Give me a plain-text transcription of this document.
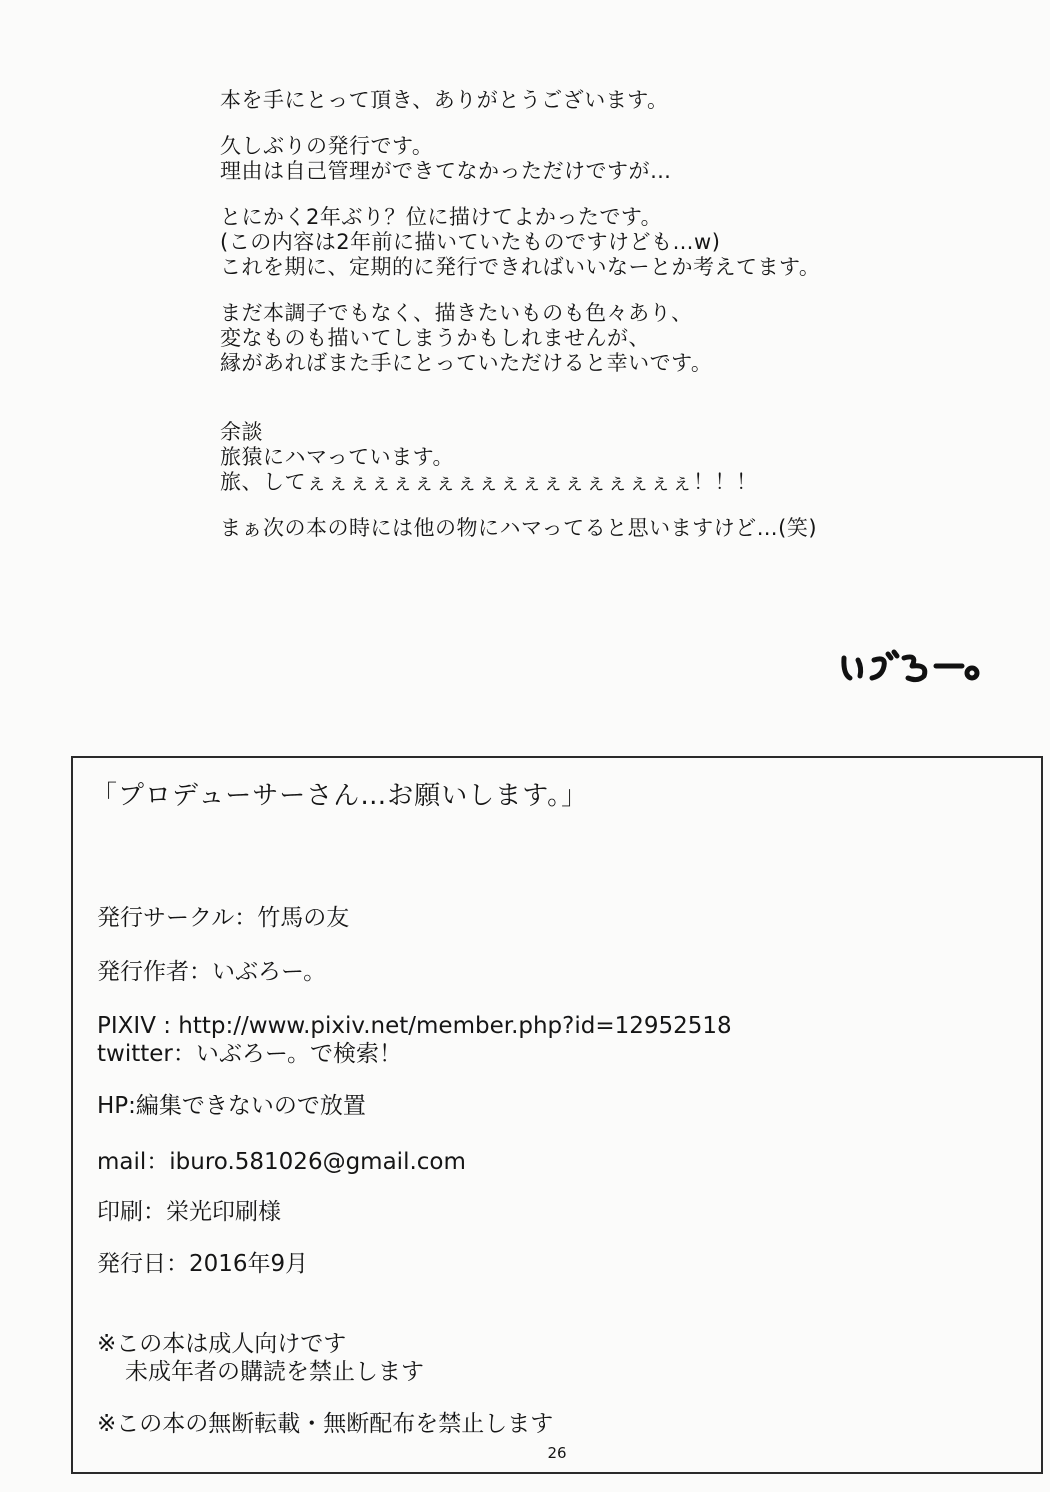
本を手にとって頂き、ありがとうございます。
久しぶりの発行です。
理由は自己管理ができてなかっただけですが…
とにかく2年ぶり？位に描けてよかったです。
(この内容は2年前に描いていたものですけども…w)
これを期に、定期的に発行できればいいなーとか考えてます。
まだ本調子でもなく、描きたいものも色々あり、
変なものも描いてしまうかもしれませんが、
縁があればまた手にとっていただけると幸いです。
余談
旅猿にハマっています。
旅、してぇぇぇぇぇぇぇぇぇぇぇぇぇぇぇぇぇぇ！！！
まぁ次の本の時には他の物にハマってると思いますけど…(笑)
「プロデューサーさん…お願いします。」
発行サークル：竹馬の友
発行作者：いぶろー。
PIXIV : http://www.pixiv.net/member.php?id=12952518
twitter：いぶろー。で検索！
HP:編集できないので放置
mail：iburo.581026@gmail.com
印刷：栄光印刷様
発行日：2016年9月
※この本は成人向けです
未成年者の購読を禁止します
※この本の無断転載・無断配布を禁止します
26
